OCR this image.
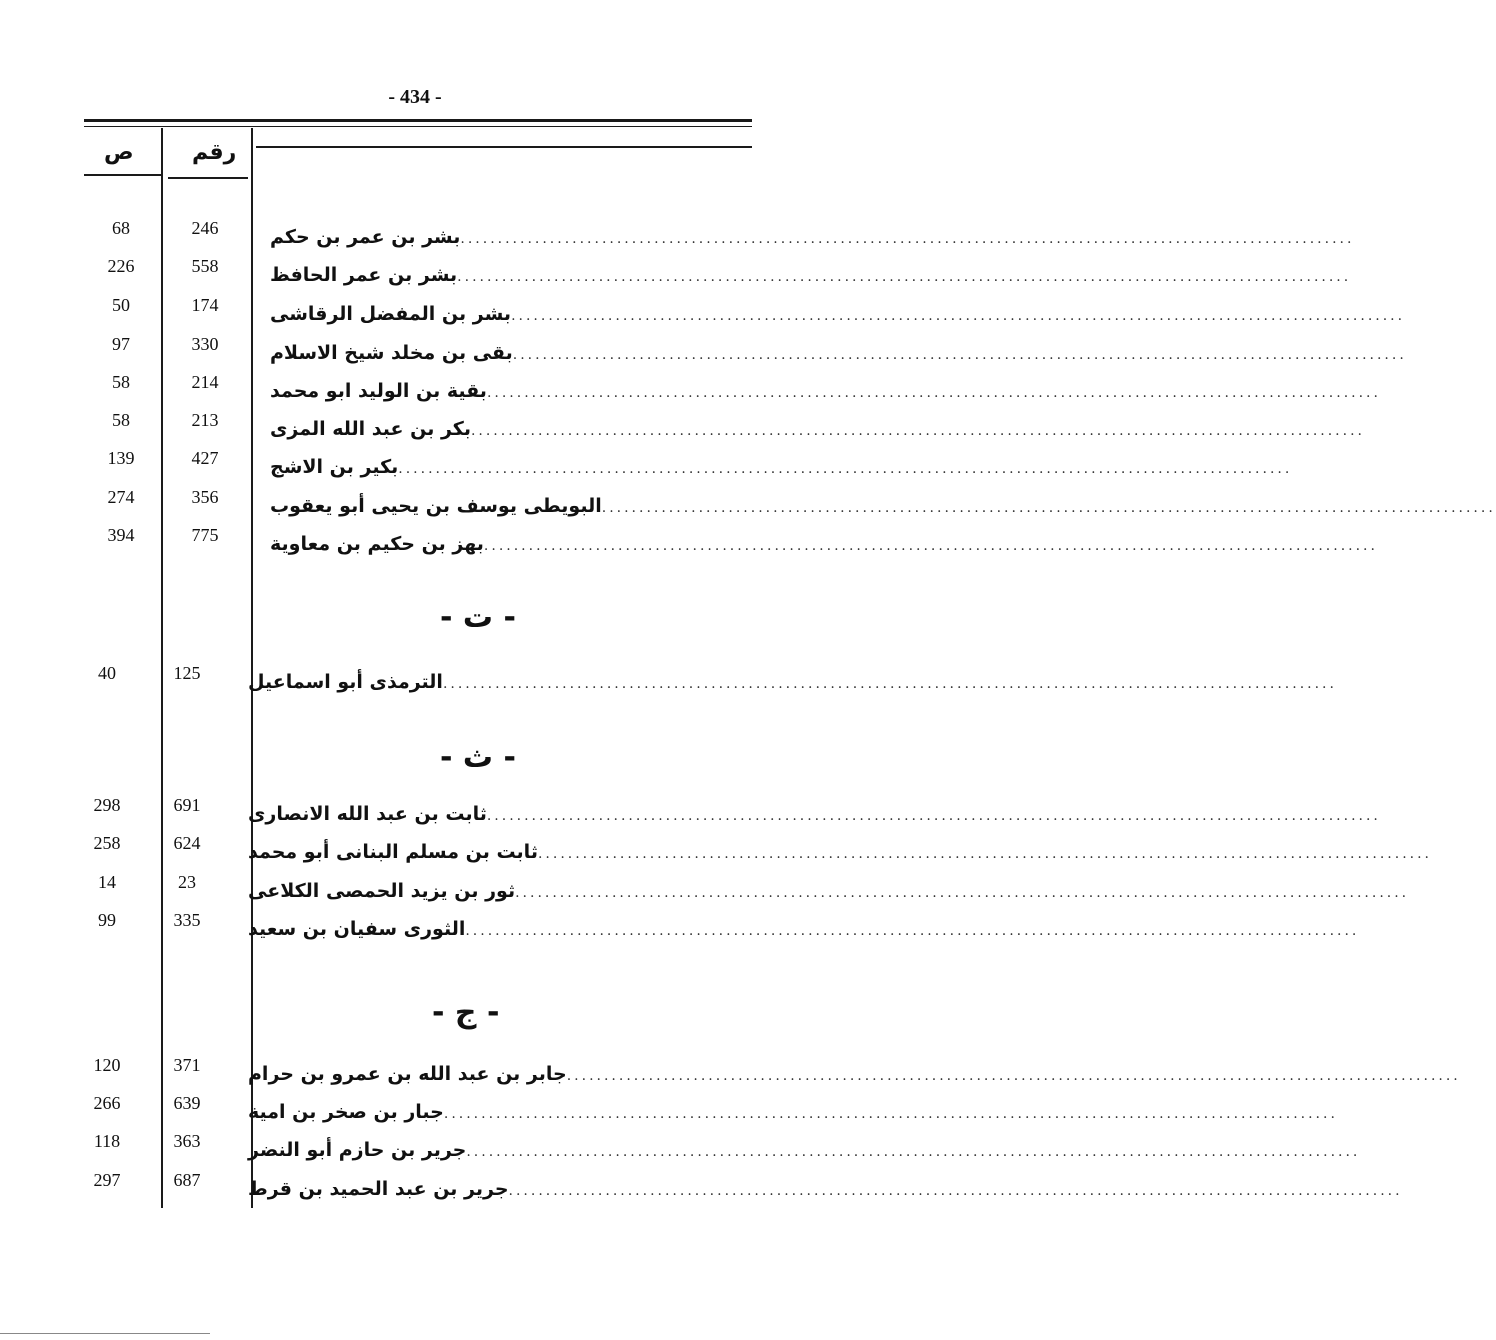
- 434 -
ص	رقم
68	246	بشر بن عمر بن حكم ........................................................................................................................
226	558	بشر بن عمر الحافظ ........................................................................................................................
50	174	بشر بن المفضل الرقاشى ........................................................................................................................
97	330	بقى بن مخلد شيخ الاسلام ........................................................................................................................
58	214	بقية بن الوليد ابو محمد ........................................................................................................................
58	213	بكر بن عبد الله المزى ........................................................................................................................
139	427	بكير بن الاشج ........................................................................................................................
274	356	البويطى يوسف بن يحيى أبو يعقوب ........................................................................................................................
394	775	بهز بن حكيم بن معاوية ........................................................................................................................
- ت -
40	125	الترمذى أبو اسماعيل ........................................................................................................................
- ث -
298	691	ثابت بن عبد الله الانصارى ........................................................................................................................
258	624	ثابت بن مسلم البنانى أبو محمد ........................................................................................................................
14	23	ثور بن يزيد الحمصى الكلاعى ........................................................................................................................
99	335	الثورى سفيان بن سعيد ........................................................................................................................
- ج -
120	371	جابر بن عبد الله بن عمرو بن حرام ........................................................................................................................
266	639	جبار بن صخر بن امية ........................................................................................................................
118	363	جرير بن حازم أبو النضر ........................................................................................................................
297	687	جرير بن عبد الحميد بن قرط ........................................................................................................................
